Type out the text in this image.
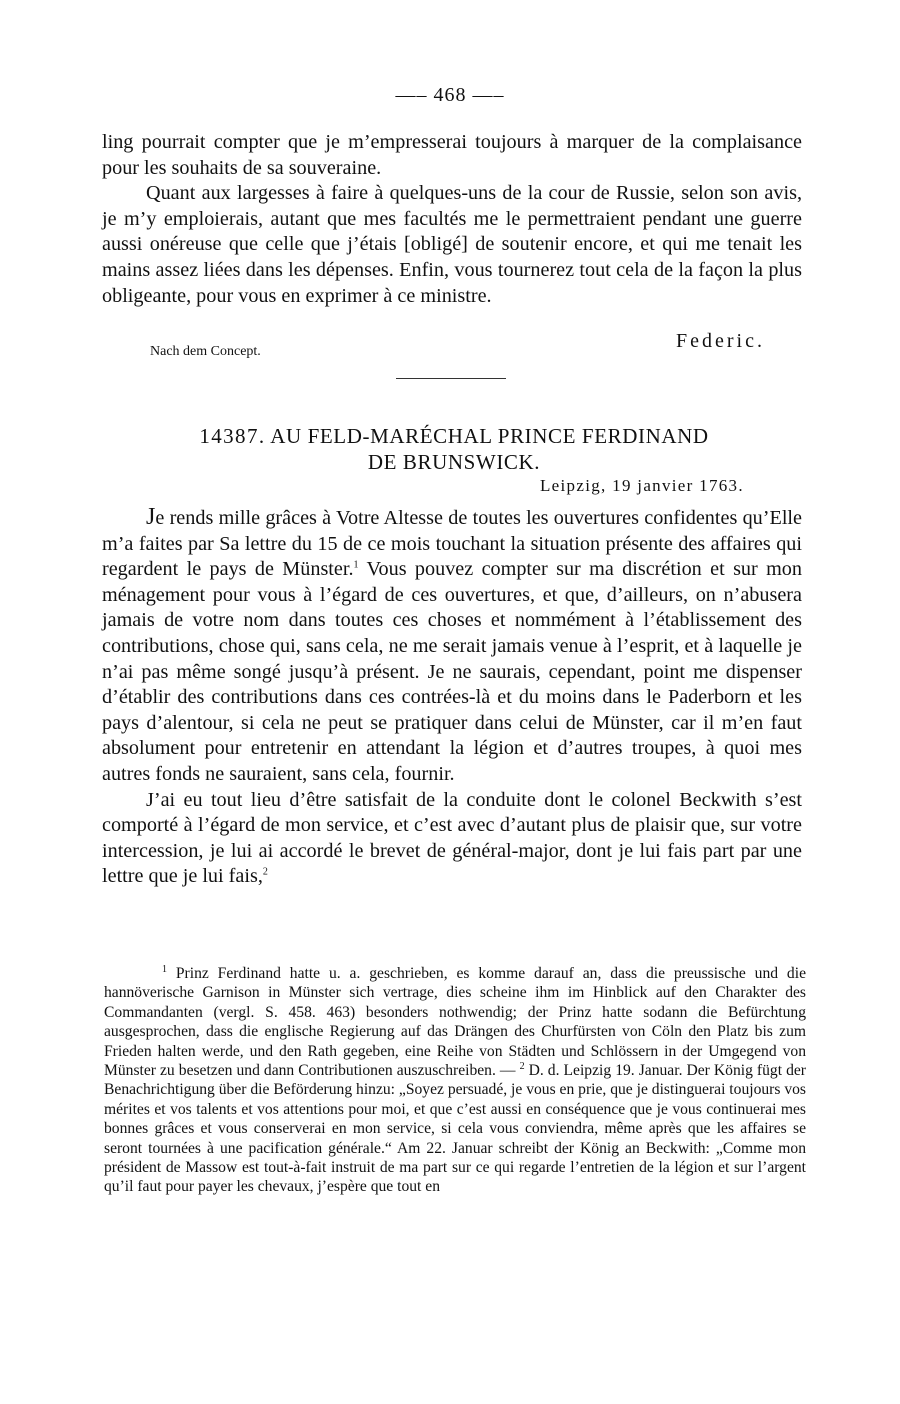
—– 468 —–

ling pourrait compter que je m’empresserai toujours à marquer de la complaisance pour les souhaits de sa souveraine.

Quant aux largesses à faire à quelques-uns de la cour de Russie, selon son avis, je m’y emploierais, autant que mes facultés me le permettraient pendant une guerre aussi onéreuse que celle que j’étais [obligé] de soutenir encore, et qui me tenait les mains assez liées dans les dépenses. Enfin, vous tournerez tout cela de la façon la plus obligeante, pour vous en exprimer à ce ministre.

Nach dem Concept.	Federic.
14387. AU FELD-MARÉCHAL PRINCE FERDINAND
DE BRUNSWICK.
Leipzig, 19 janvier 1763.

Je rends mille grâces à Votre Altesse de toutes les ouvertures confidentes qu’Elle m’a faites par Sa lettre du 15 de ce mois touchant la situation présente des affaires qui regardent le pays de Münster.$^1$ Vous pouvez compter sur ma discrétion et sur mon ménagement pour vous à l’égard de ces ouvertures, et que, d’ailleurs, on n’abusera jamais de votre nom dans toutes ces choses et nommément à l’établissement des contributions, chose qui, sans cela, ne me serait jamais venue à l’esprit, et à laquelle je n’ai pas même songé jusqu’à présent. Je ne saurais, cependant, point me dispenser d’établir des contributions dans ces contrées-là et du moins dans le Paderborn et les pays d’alentour, si cela ne peut se pratiquer dans celui de Münster, car il m’en faut absolument pour entretenir en attendant la légion et d’autres troupes, à quoi mes autres fonds ne sauraient, sans cela, fournir.

J’ai eu tout lieu d’être satisfait de la conduite dont le colonel Beckwith s’est comporté à l’égard de mon service, et c’est avec d’autant plus de plaisir que, sur votre intercession, je lui ai accordé le brevet de général-major, dont je lui fais part par une lettre que je lui fais,$^2$

$^1$ Prinz Ferdinand hatte u. a. geschrieben, es komme darauf an, dass die preussische und die hannöverische Garnison in Münster sich vertrage, dies scheine ihm im Hinblick auf den Charakter des Commandanten (vergl. S. 458. 463) besonders nothwendig; der Prinz hatte sodann die Befürchtung ausgesprochen, dass die englische Regierung auf das Drängen des Churfürsten von Cöln den Platz bis zum Frieden halten werde, und den Rath gegeben, eine Reihe von Städten und Schlössern in der Umgegend von Münster zu besetzen und dann Contributionen auszuschreiben. — $^2$ D. d. Leipzig 19. Januar. Der König fügt der Benachrichtigung über die Beförderung hinzu: „Soyez persuadé, je vous en prie, que je distinguerai toujours vos mérites et vos talents et vos attentions pour moi, et que c’est aussi en conséquence que je vous continuerai mes bonnes grâces et vous conserverai en mon service, si cela vous conviendra, même après que les affaires se seront tournées à une pacification générale.“ Am 22. Januar schreibt der König an Beckwith: „Comme mon président de Massow est tout-à-fait instruit de ma part sur ce qui regarde l’entretien de la légion et sur l’argent qu’il faut pour payer les chevaux, j’espère que tout en
